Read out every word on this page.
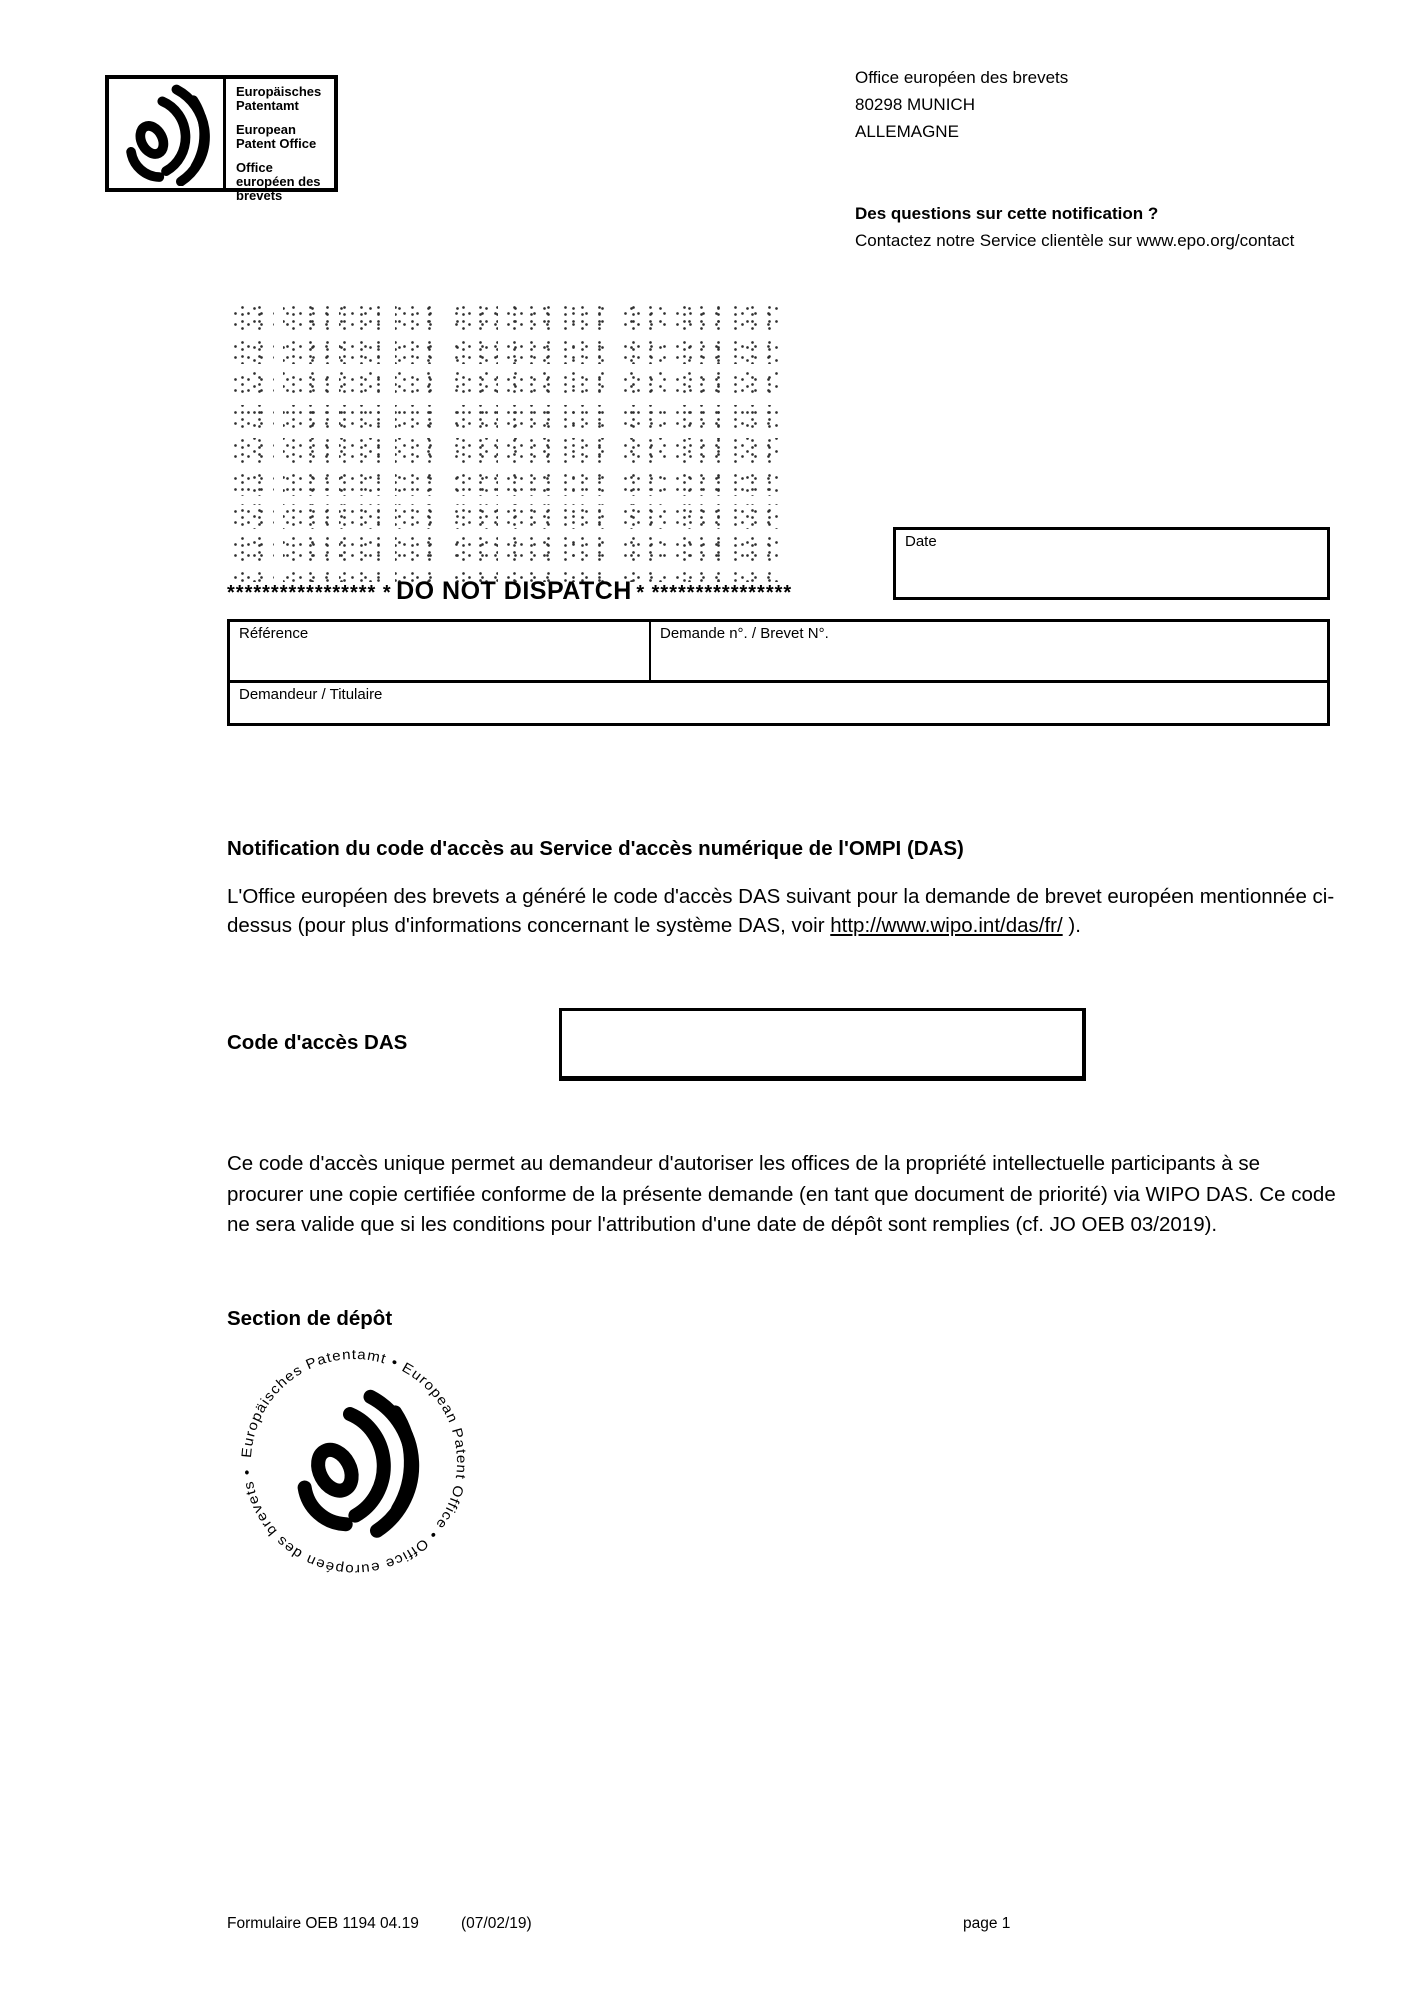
Europäisches Patentamt
European Patent Office
Office européen des brevets
Office européen des brevets
80298 MUNICH
ALLEMAGNE
Des questions sur cette notification ?
Contactez notre Service clientèle sur www.epo.org/contact
***************** * DO NOT DISPATCH * ****************
Date
Référence	Demande n°. / Brevet N°.
Demandeur / Titulaire
Notification du code d'accès au Service d'accès numérique de l'OMPI (DAS)
L'Office européen des brevets a généré le code d'accès DAS suivant pour la demande de brevet européen mentionnée ci-dessus (pour plus d'informations concernant le système DAS, voir http://www.wipo.int/das/fr/ ).
Code d'accès DAS
Ce code d'accès unique permet au demandeur d'autoriser les offices de la propriété intellectuelle participants à se procurer une copie certifiée conforme de la présente demande (en tant que document de priorité) via WIPO DAS. Ce code ne sera valide que si les conditions pour l'attribution d'une date de dépôt sont remplies (cf. JO OEB 03/2019).
Section de dépôt
Europäisches Patentamt • European Patent Office • Office européen des brevets •
Formulaire OEB 1194 04.19	(07/02/19)	page 1
